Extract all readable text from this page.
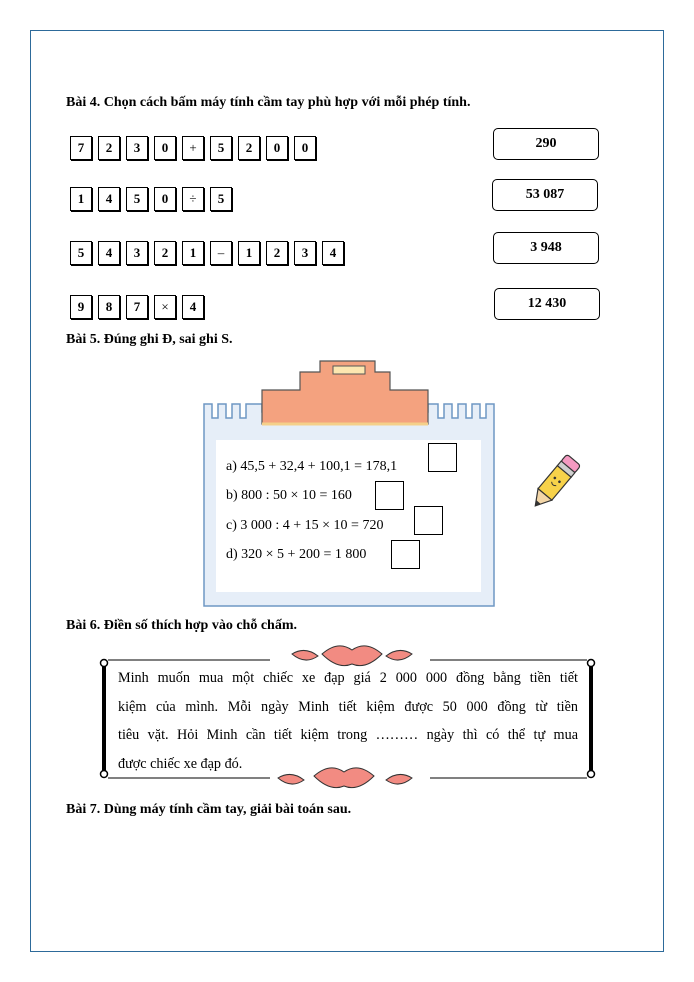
Bài 4. Chọn cách bấm máy tính cầm tay phù hợp với mỗi phép tính.
7	2	3	0	+	5	2	0	0
1	4	5	0	÷	5
5	4	3	2	1	–	1	2	3	4
9	8	7	×	4
290
53 087
3 948
12 430
Bài 5. Đúng ghi Đ, sai ghi S.
a) 45,5 + 32,4 + 100,1 = 178,1
b) 800 : 50 × 10 = 160
c) 3 000 : 4 + 15 × 10 = 720
d) 320 × 5 + 200 = 1 800
Bài 6. Điền số thích hợp vào chỗ chấm.
Minh muốn mua một chiếc xe đạp giá 2 000 000 đồng bằng tiền tiết
kiệm của mình. Mỗi ngày Minh tiết kiệm được 50 000 đồng từ tiền
tiêu vặt. Hỏi Minh cần tiết kiệm trong ……… ngày thì có thể tự mua
được chiếc xe đạp đó.
Bài 7. Dùng máy tính cầm tay, giải bài toán sau.
